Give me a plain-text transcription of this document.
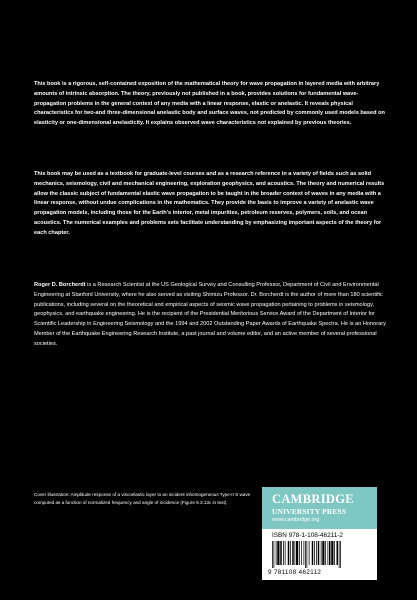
This book is a rigorous, self-contained exposition of the mathematical theory for wave propagation in layered media with arbitrary amounts of intrinsic absorption. The theory, previously not published in a book, provides solutions for fundamental wave-propagation problems in the general context of any media with a linear response, elastic or anelastic. It reveals physical characteristics for two-and three-dimensional anelastic body and surface waves, not predicted by commonly used models based on elasticity or one-dimensional anelasticity. It explains observed wave characteristics not explained by previous theories.

This book may be used as a textbook for graduate-level courses and as a research reference in a variety of fields such as solid mechanics, seismology, civil and mechanical engineering, exploration geophysics, and acoustics. The theory and numerical results allow the classic subject of fundamental elastic wave propagation to be taught in the broader context of waves in any media with a linear response, without undue complications in the mathematics. They provide the basis to improve a variety of anelastic wave propagation models, including those for the Earth's interior, metal impurities, petroleum reserves, polymers, soils, and ocean acoustics. The numerical examples and problems sets facilitate understanding by emphasizing important aspects of the theory for each chapter.

Roger D. Borcherdt is a Research Scientist at the US Geological Survey and Consulting Professor, Department of Civil and Environmental Engineering at Stanford University, where he also served as visiting Shimizu Professor. Dr. Borcherdt is the author of more than 180 scientific publications, including several on the theoretical and empirical aspects of seismic wave propagation pertaining to problems in seismology, geophysics, and earthquake engineering. He is the recipient of the Presidential Meritorious Service Award of the Department of Interior for Scientific Leadership in Engineering Seismology and the 1994 and 2002 Outstanding Paper Awards of Earthquake Spectra. He is an Honorary Member of the Earthquake Engineering Research Institute, a past journal and volume editor, and an active member of several professional societies.

Cover illustration: Amplitude response of a viscoelastic layer to an incident inhomogeneous Type-II S wave computed as a function of normalized frequency and angle of incidence (Figure 9.3.13c in text).	CAMBRIDGE
UNIVERSITY PRESS
www.cambridge.org
ISBN 978-1-108-46211-2
9 781108 462112
